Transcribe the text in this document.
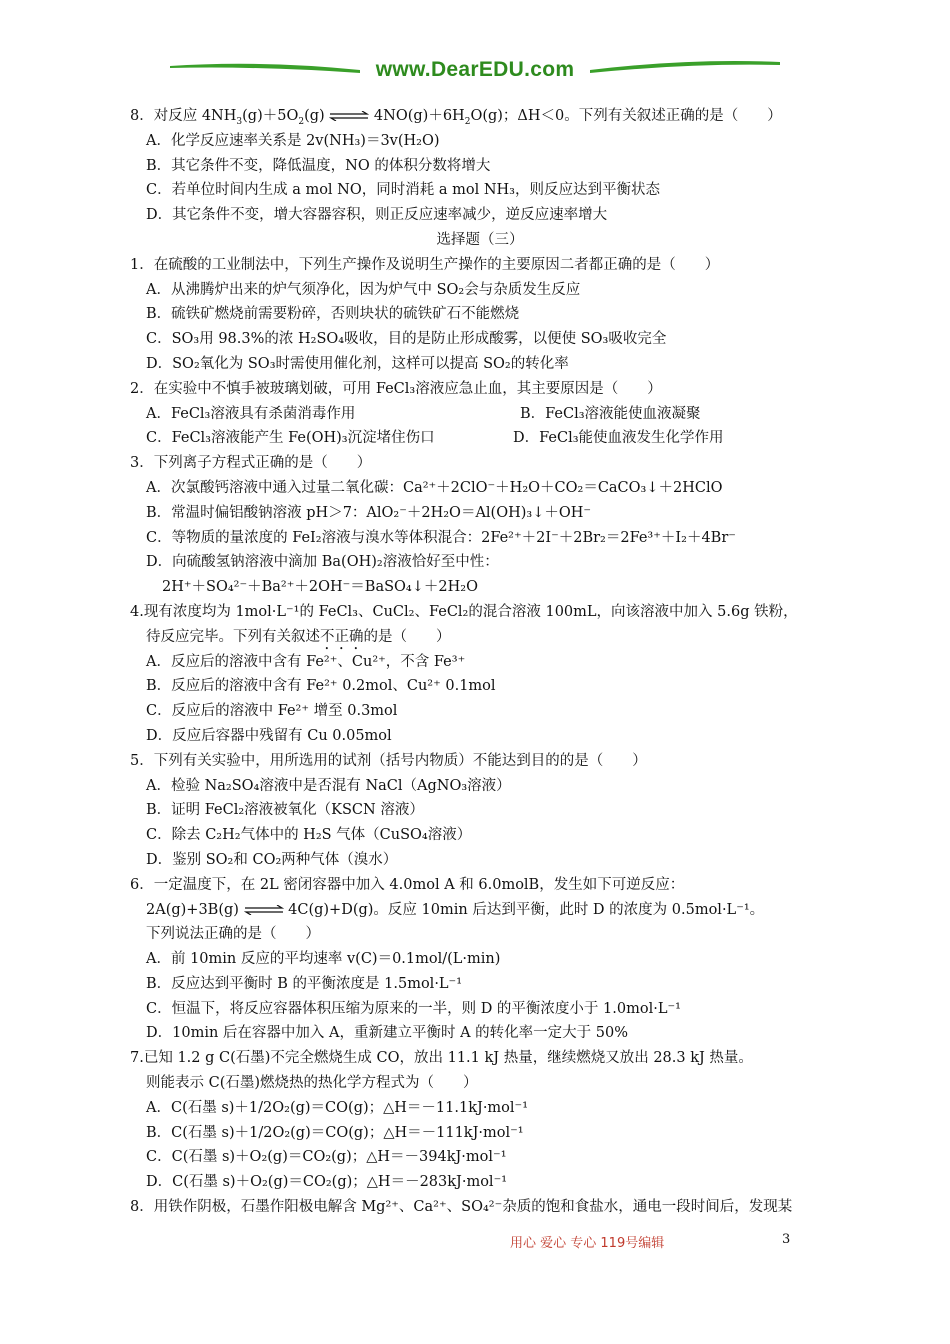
www.DearEDU.com
8．对反应 $4NH_3(g)+5O_2(g)$ ⇌ $4NO(g)+6H_2O(g)$；ΔH＜0。下列有关叙述正确的是（　　）
A．化学反应速率关系是 2v(NH₃)＝3v(H₂O)
B．其它条件不变，降低温度，NO 的体积分数将增大
C．若单位时间内生成 a mol NO，同时消耗 a mol NH₃，则反应达到平衡状态
D．其它条件不变，增大容器容积，则正反应速率减少，逆反应速率增大
选择题（三）
1．在硫酸的工业制法中，下列生产操作及说明生产操作的主要原因二者都正确的是（　　）
A．从沸腾炉出来的炉气须净化，因为炉气中 SO₂会与杂质发生反应
B．硫铁矿燃烧前需要粉碎，否则块状的硫铁矿石不能燃烧
C．SO₃用 98.3%的浓 H₂SO₄吸收，目的是防止形成酸雾，以便使 SO₃吸收完全
D．SO₂氧化为 SO₃时需使用催化剂，这样可以提高 SO₂的转化率
2．在实验中不慎手被玻璃划破，可用 FeCl₃溶液应急止血，其主要原因是（　　）
A．FeCl₃溶液具有杀菌消毒作用	B．FeCl₃溶液能使血液凝聚
C．FeCl₃溶液能产生 Fe(OH)₃沉淀堵住伤口	D．FeCl₃能使血液发生化学作用
3．下列离子方程式正确的是（　　）
A．次氯酸钙溶液中通入过量二氧化碳：Ca²⁺＋2ClO⁻＋H₂O＋CO₂＝CaCO₃↓＋2HClO
B．常温时偏铝酸钠溶液 pH＞7：AlO₂⁻＋2H₂O＝Al(OH)₃↓＋OH⁻
C．等物质的量浓度的 FeI₂溶液与溴水等体积混合：2Fe²⁺＋2I⁻＋2Br₂＝2Fe³⁺＋I₂＋4Br⁻
D．向硫酸氢钠溶液中滴加 Ba(OH)₂溶液恰好至中性：
2H⁺＋SO₄²⁻＋Ba²⁺＋2OH⁻＝BaSO₄↓＋2H₂O
4.现有浓度均为 1mol·L⁻¹的 FeCl₃、CuCl₂、FeCl₂的混合溶液 100mL，向该溶液中加入 5.6g 铁粉，
待反应完毕。下列有关叙述不正确的是（　　）
A．反应后的溶液中含有 Fe²⁺、Cu²⁺，不含 Fe³⁺
B．反应后的溶液中含有 Fe²⁺ 0.2mol、Cu²⁺ 0.1mol
C．反应后的溶液中 Fe²⁺ 增至 0.3mol
D．反应后容器中残留有 Cu 0.05mol
5．下列有关实验中，用所选用的试剂（括号内物质）不能达到目的的是（　　）
A．检验 Na₂SO₄溶液中是否混有 NaCl（AgNO₃溶液）
B．证明 FeCl₂溶液被氧化（KSCN 溶液）
C．除去 C₂H₂气体中的 H₂S 气体（CuSO₄溶液）
D．鉴别 SO₂和 CO₂两种气体（溴水）
6．一定温度下，在 2L 密闭容器中加入 4.0mol A 和 6.0molB，发生如下可逆反应：
2A(g)+3B(g) ⇌ 4C(g)+D(g)。反应 10min 后达到平衡，此时 D 的浓度为 0.5mol·L⁻¹。
下列说法正确的是（　　）
A．前 10min 反应的平均速率 v(C)＝0.1mol/(L·min)
B．反应达到平衡时 B 的平衡浓度是 1.5mol·L⁻¹
C．恒温下，将反应容器体积压缩为原来的一半，则 D 的平衡浓度小于 1.0mol·L⁻¹
D．10min 后在容器中加入 A，重新建立平衡时 A 的转化率一定大于 50%
7.已知 1.2 g C(石墨)不完全燃烧生成 CO，放出 11.1 kJ 热量，继续燃烧又放出 28.3 kJ 热量。
则能表示 C(石墨)燃烧热的热化学方程式为（　　）
A．C(石墨 s)＋1/2O₂(g)＝CO(g)；△H＝－11.1kJ·mol⁻¹
B．C(石墨 s)＋1/2O₂(g)＝CO(g)；△H＝－111kJ·mol⁻¹
C．C(石墨 s)＋O₂(g)＝CO₂(g)；△H＝－394kJ·mol⁻¹
D．C(石墨 s)＋O₂(g)＝CO₂(g)；△H＝－283kJ·mol⁻¹
8．用铁作阴极，石墨作阳极电解含 Mg²⁺、Ca²⁺、SO₄²⁻杂质的饱和食盐水，通电一段时间后，发现某
用心 爱心 专心 119号编辑	3
